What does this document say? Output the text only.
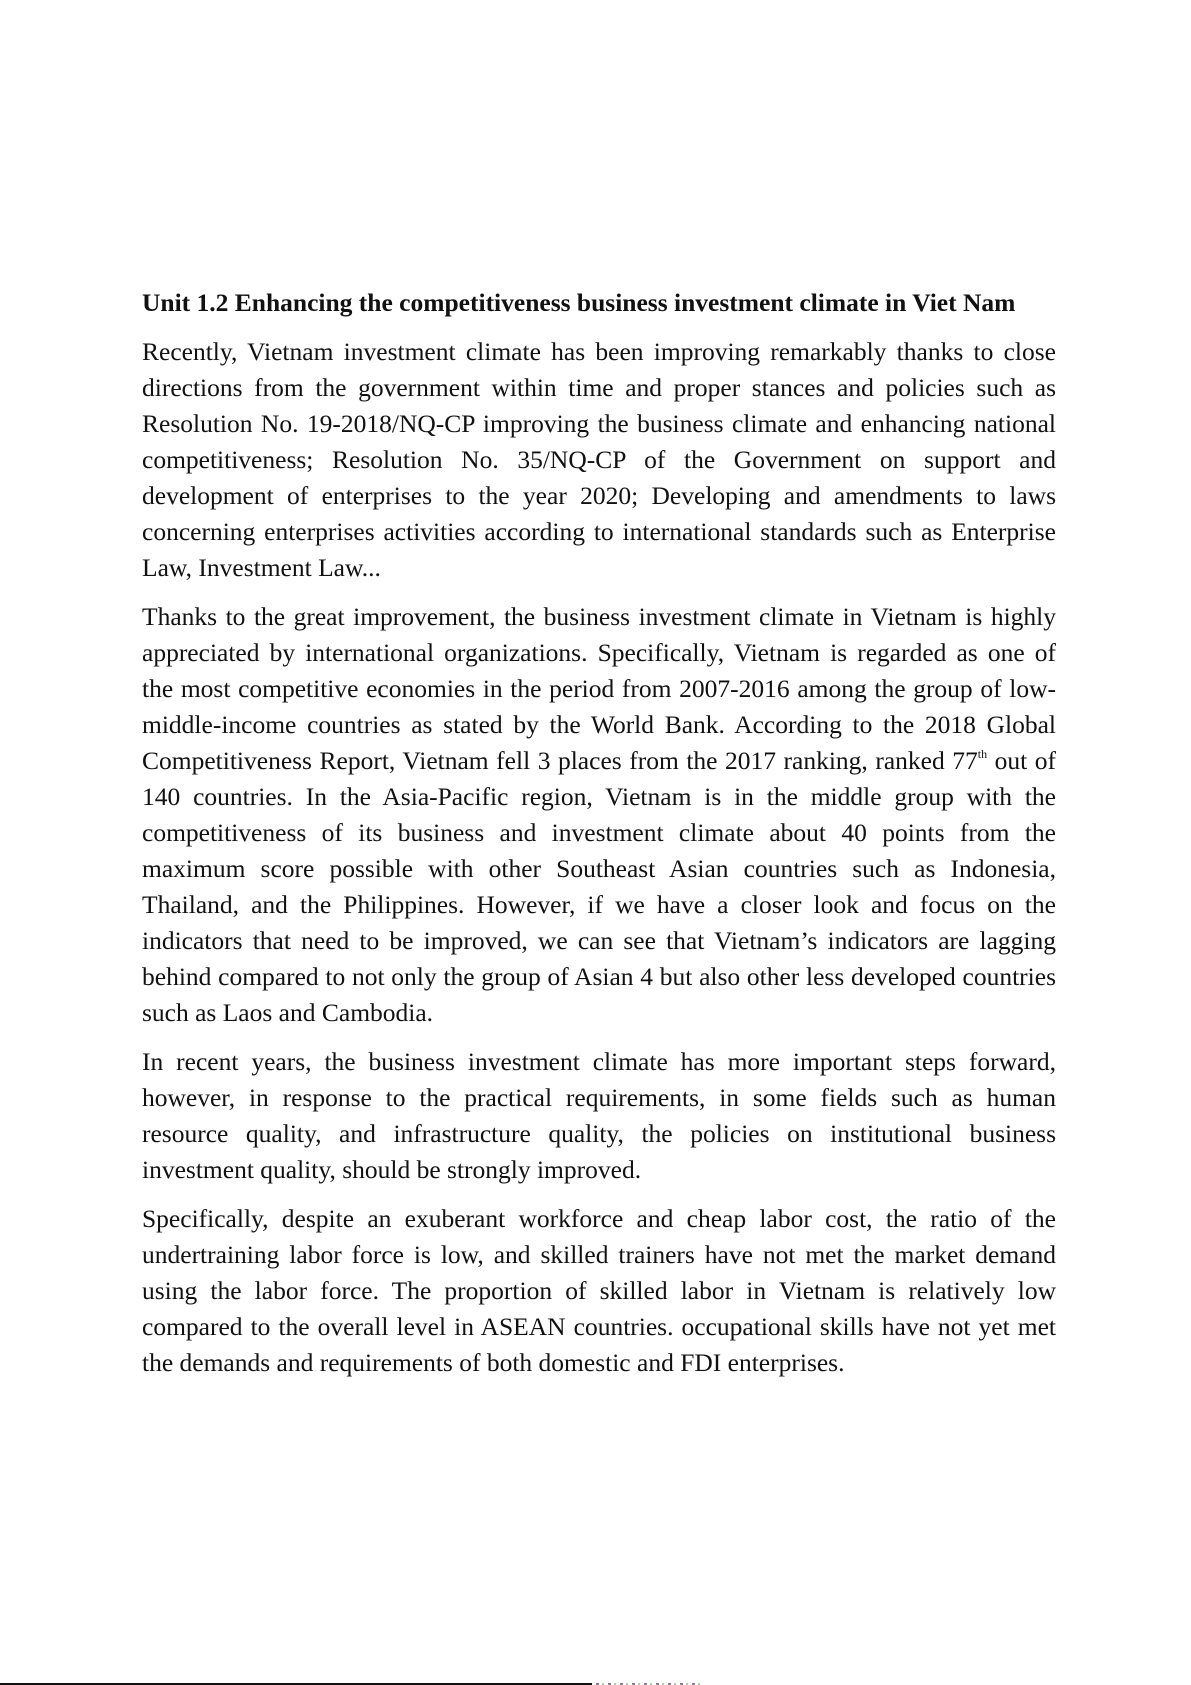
Unit 1.2 Enhancing the competitiveness business investment climate in Viet Nam

Recently, Vietnam investment climate has been improving remarkably thanks to close directions from the government within time and proper stances and policies such as Resolution No. 19-2018/NQ-CP improving the business climate and enhancing national competitiveness; Resolution No. 35/NQ-CP of the Government on support and development of enterprises to the year 2020; Developing and amendments to laws concerning enterprises activities according to international standards such as Enterprise Law, Investment Law...

Thanks to the great improvement, the business investment climate in Vietnam is highly appreciated by international organizations. Specifically, Vietnam is regarded as one of the most competitive economies in the period from 2007-2016 among the group of low-middle-income countries as stated by the World Bank. According to the 2018 Global Competitiveness Report, Vietnam fell 3 places from the 2017 ranking, ranked 77th out of 140 countries. In the Asia-Pacific region, Vietnam is in the middle group with the competitiveness of its business and investment climate about 40 points from the maximum score possible with other Southeast Asian countries such as Indonesia, Thailand, and the Philippines. However, if we have a closer look and focus on the indicators that need to be improved, we can see that Vietnam’s indicators are lagging behind compared to not only the group of Asian 4 but also other less developed countries such as Laos and Cambodia.

In recent years, the business investment climate has more important steps forward, however, in response to the practical requirements, in some fields such as human resource quality, and infrastructure quality, the policies on institutional business investment quality, should be strongly improved.

Specifically, despite an exuberant workforce and cheap labor cost, the ratio of the undertraining labor force is low, and skilled trainers have not met the market demand using the labor force. The proportion of skilled labor in Vietnam is relatively low compared to the overall level in ASEAN countries. occupational skills have not yet met the demands and requirements of both domestic and FDI enterprises.
